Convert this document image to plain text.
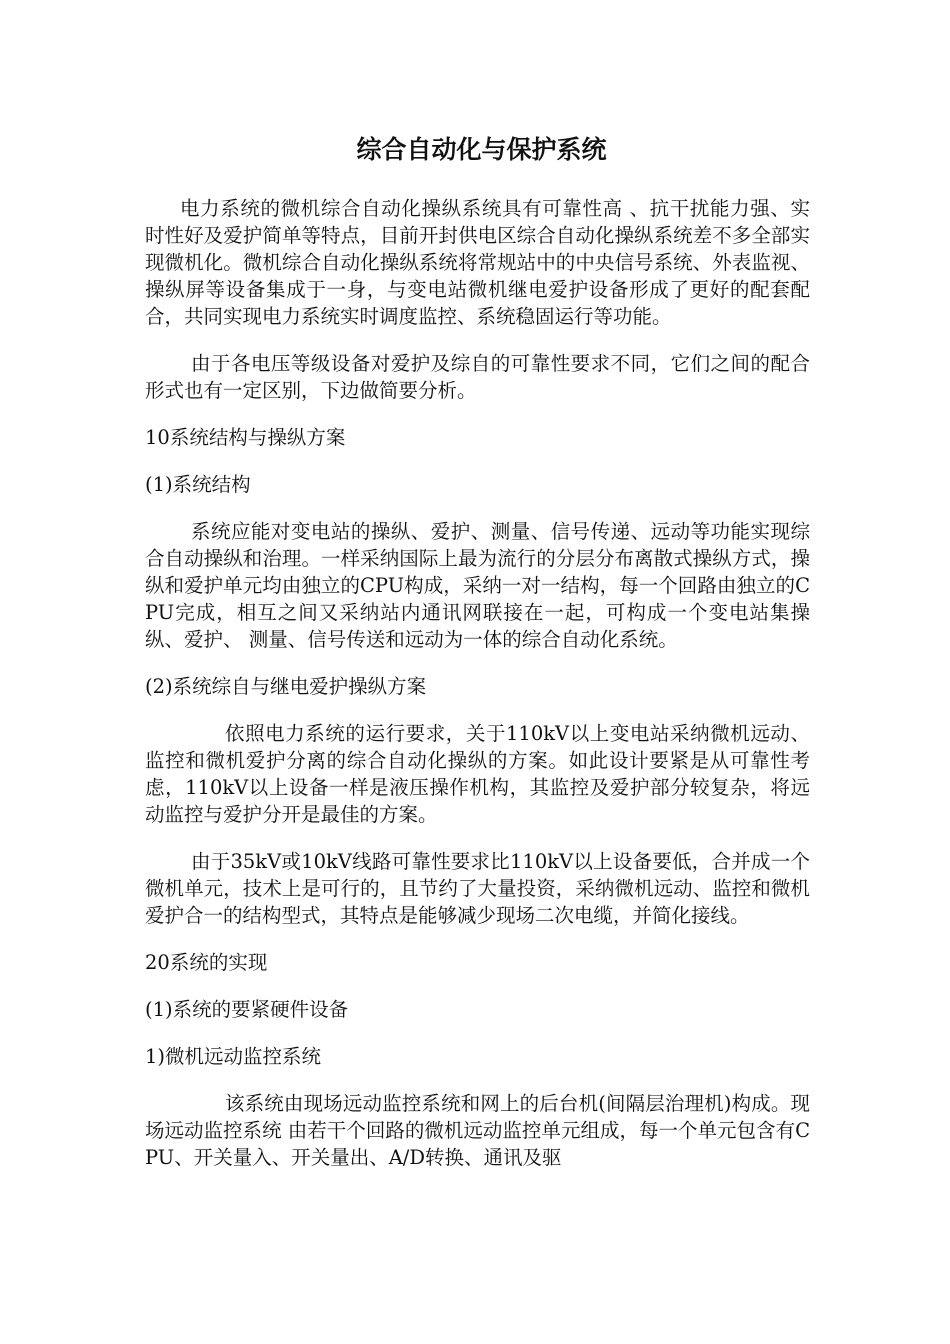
综合自动化与保护系统

电力系统的微机综合自动化操纵系统具有可靠性高 、抗干扰能力强、实时性好及爱护简单等特点，目前开封供电区综合自动化操纵系统差不多全部实现微机化。微机综合自动化操纵系统将常规站中的中央信号系统、外表监视、操纵屏等设备集成于一身，与变电站微机继电爱护设备形成了更好的配套配合，共同实现电力系统实时调度监控、系统稳固运行等功能。

由于各电压等级设备对爱护及综自的可靠性要求不同，它们之间的配合形式也有一定区别，下边做简要分析。

10系统结构与操纵方案

(1)系统结构

系统应能对变电站的操纵、爱护、测量、信号传递、远动等功能实现综合自动操纵和治理。一样采纳国际上最为流行的分层分布离散式操纵方式，操纵和爱护单元均由独立的CPU构成，采纳一对一结构，每一个回路由独立的CPU完成，相互之间又采纳站内通讯网联接在一起，可构成一个变电站集操纵、爱护、 测量、信号传送和远动为一体的综合自动化系统。

(2)系统综自与继电爱护操纵方案

依照电力系统的运行要求，关于110kV以上变电站采纳微机远动、监控和微机爱护分离的综合自动化操纵的方案。如此设计要紧是从可靠性考虑，110kV以上设备一样是液压操作机构，其监控及爱护部分较复杂，将远动监控与爱护分开是最佳的方案。

由于35kV或10kV线路可靠性要求比110kV以上设备要低，合并成一个微机单元，技术上是可行的，且节约了大量投资，采纳微机远动、监控和微机爱护合一的结构型式，其特点是能够减少现场二次电缆，并简化接线。

20系统的实现

(1)系统的要紧硬件设备

1)微机远动监控系统

该系统由现场远动监控系统和网上的后台机(间隔层治理机)构成。现场远动监控系统 由若干个回路的微机远动监控单元组成，每一个单元包含有CPU、开关量入、开关量出、A/D转换、通讯及驱
